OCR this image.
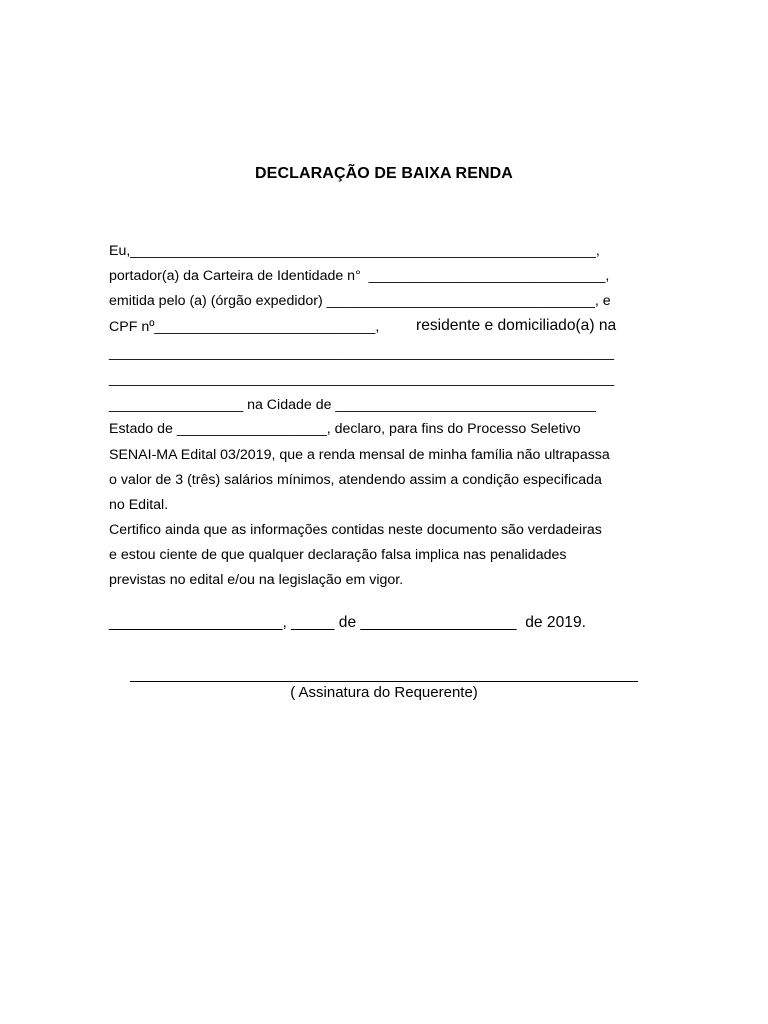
DECLARAÇÃO DE BAIXA RENDA

Eu,___________________________________________________________,

portador(a) da Carteira de Identidade n°  ______________________________,

emitida pelo (a) (órgão expedidor) __________________________________, e

CPF nº____________________________, residente e domiciliado(a) na

________________________________________________________________

________________________________________________________________

_________________ na Cidade de _________________________________

Estado de ___________________, declaro, para fins do Processo Seletivo

SENAI-MA Edital 03/2019, que a renda mensal de minha família não ultrapassa

o valor de 3 (três) salários mínimos, atendendo assim a condição especificada

no Edital.

Certifico ainda que as informações contidas neste documento são verdadeiras

e estou ciente de que qualquer declaração falsa implica nas penalidades

previstas no edital e/ou na legislação em vigor.

____________________, _____ de __________________  de 2019.

( Assinatura do Requerente)
